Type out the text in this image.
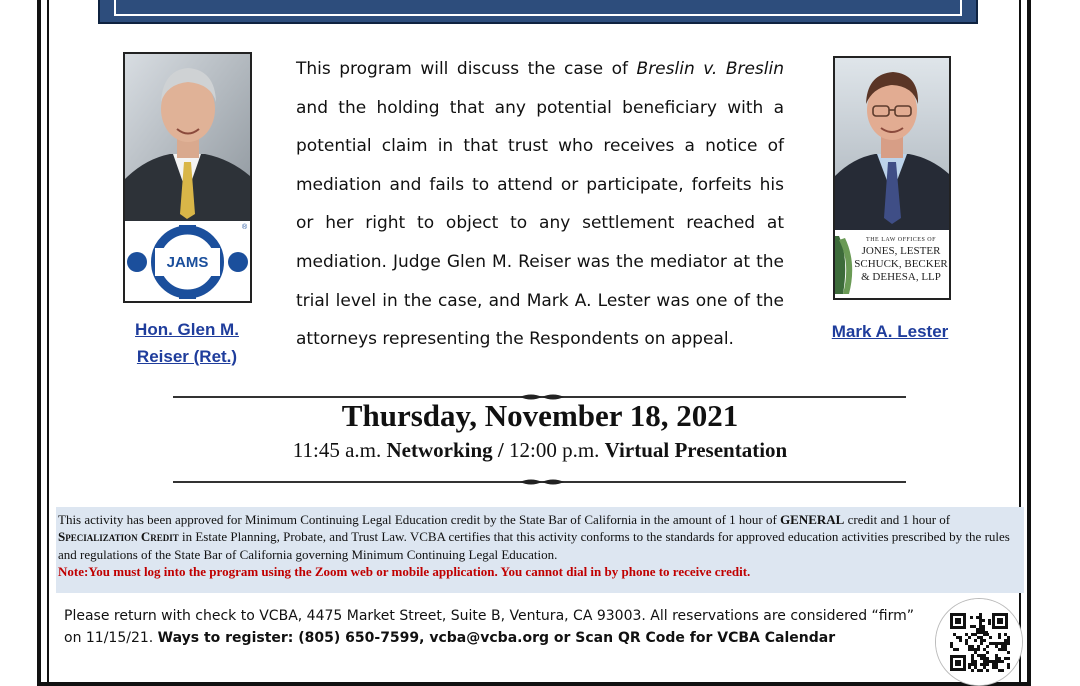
JAMS
®
Hon. Glen M.
Reiser (Ret.)
This program will discuss the case of Breslin v. Breslin and the holding that any potential beneficiary with a potential claim in that trust who receives a notice of mediation and fails to attend or participate, forfeits his or her right to object to any settlement reached at mediation. Judge Glen M. Reiser was the mediator at the trial level in the case, and Mark A. Lester was one of the attorneys representing the Respondents on appeal.
THE LAW OFFICES OF
JONES, LESTER
SCHUCK, BECKER
& DEHESA, LLP
Mark A. Lester
Thursday, November 18, 2021
11:45 a.m. Networking / 12:00 p.m. Virtual Presentation
This activity has been approved for Minimum Continuing Legal Education credit by the State Bar of California in the amount of 1 hour of GENERAL credit and 1 hour of Specialization Credit in Estate Planning, Probate, and Trust Law. VCBA certifies that this activity conforms to the standards for approved education activities prescribed by the rules and regulations of the State Bar of California governing Minimum Continuing Legal Education.
Note:You must log into the program using the Zoom web or mobile application. You cannot dial in by phone to receive credit.
Please return with check to VCBA, 4475 Market Street, Suite B, Ventura, CA 93003. All reservations are considered “firm” on 11/15/21. Ways to register: (805) 650-7599, vcba@vcba.org or Scan QR Code for VCBA Calendar
